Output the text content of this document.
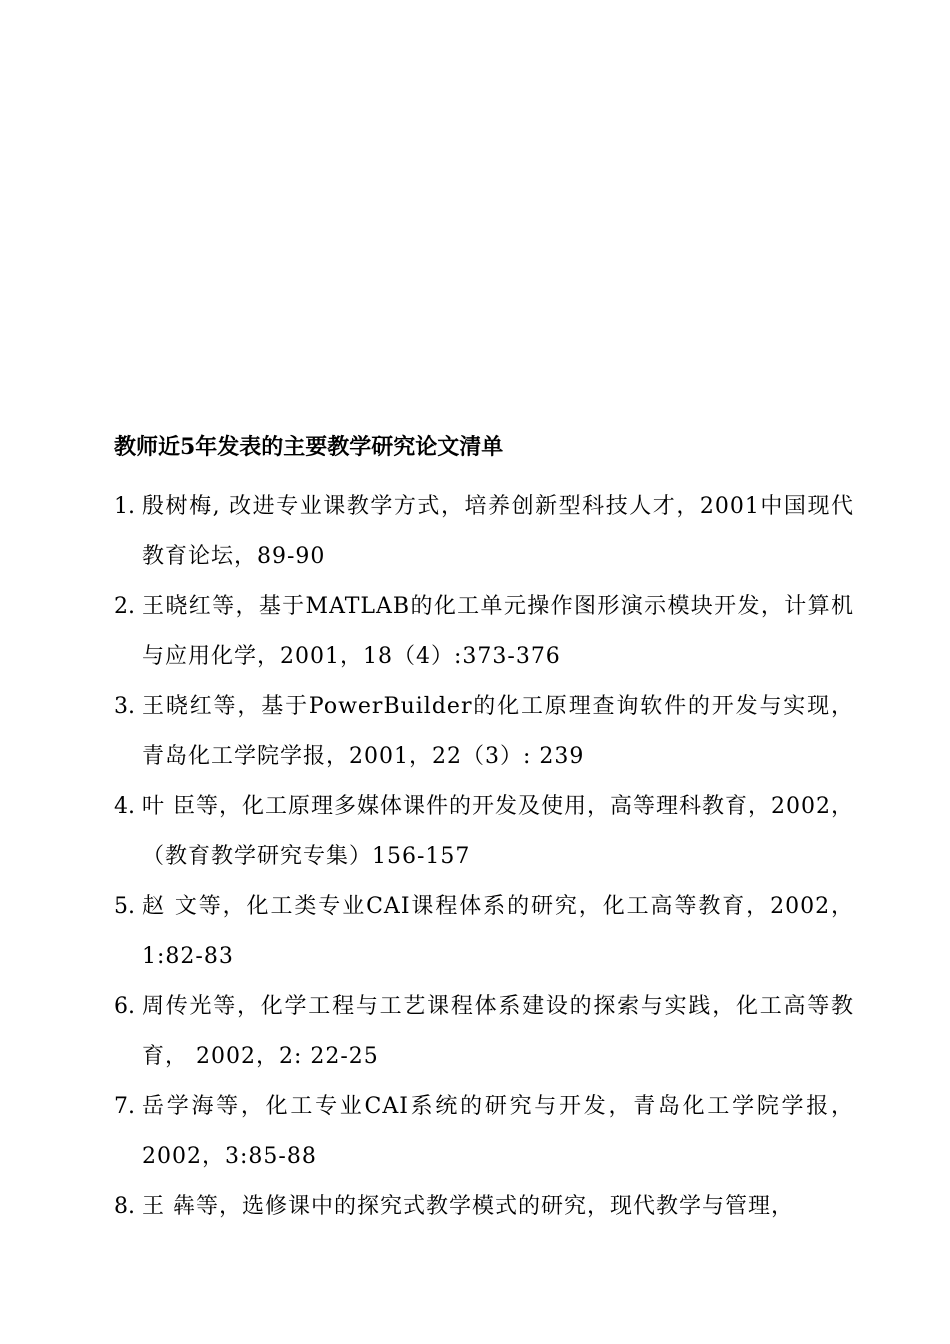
教师近5年发表的主要教学研究论文清单
1. 殷树梅, 改进专业课教学方式，培养创新型科技人才，2001中国现代教育论坛，89-90
2. 王晓红等，基于MATLAB的化工单元操作图形演示模块开发，计算机与应用化学，2001，18（4）:373-376
3. 王晓红等，基于PowerBuilder的化工原理查询软件的开发与实现，青岛化工学院学报，2001，22（3）: 239
4. 叶 臣等，化工原理多媒体课件的开发及使用，高等理科教育，2002，（教育教学研究专集）156-157
5. 赵 文等，化工类专业CAI课程体系的研究，化工高等教育，2002，1:82-83
6. 周传光等，化学工程与工艺课程体系建设的探索与实践，化工高等教育， 2002，2: 22-25
7. 岳学海等，化工专业CAI系统的研究与开发，青岛化工学院学报， 2002，3:85-88
8. 王 犇等，选修课中的探究式教学模式的研究，现代教学与管理，
